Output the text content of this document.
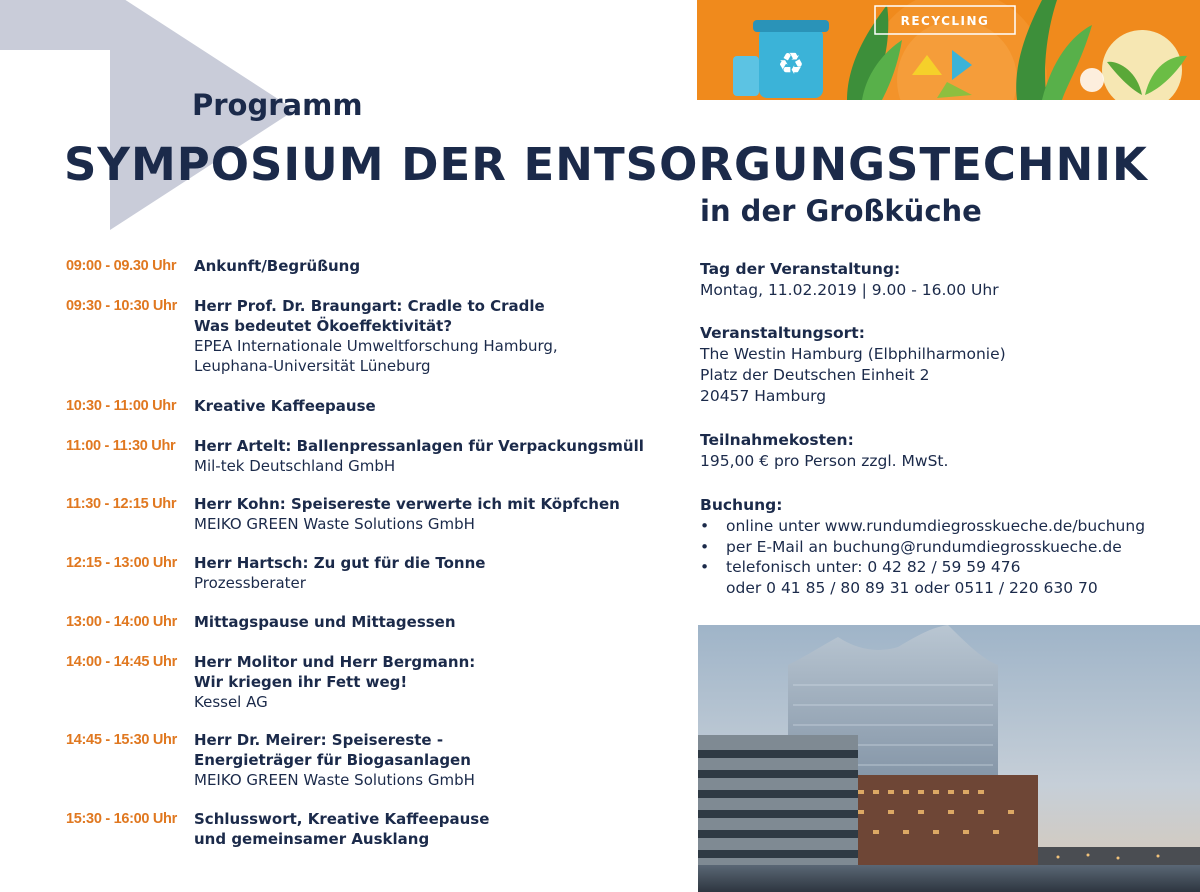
Programm
SYMPOSIUM DER ENTSORGUNGSTECHNIK
in der Großküche
♻
RECYCLING
09:00 - 09.30 Uhr Ankunft/Begrüßung
09:30 - 10:30 Uhr Herr Prof. Dr. Braungart: Cradle to Cradle
Was bedeutet Ökoeffektivität?
EPEA Internationale Umweltforschung Hamburg,
Leuphana-Universität Lüneburg
10:30 - 11:00 Uhr Kreative Kaffeepause
11:00 - 11:30 Uhr Herr Artelt: Ballenpressanlagen für Verpackungsmüll
Mil-tek Deutschland GmbH
11:30 - 12:15 Uhr Herr Kohn: Speisereste verwerte ich mit Köpfchen
MEIKO GREEN Waste Solutions GmbH
12:15 - 13:00 Uhr Herr Hartsch: Zu gut für die Tonne
Prozessberater
13:00 - 14:00 Uhr Mittagspause und Mittagessen
14:00 - 14:45 Uhr Herr Molitor und Herr Bergmann:
Wir kriegen ihr Fett weg!
Kessel AG
14:45 - 15:30 Uhr Herr Dr. Meirer: Speisereste -
Energieträger für Biogasanlagen
MEIKO GREEN Waste Solutions GmbH
15:30 - 16:00 Uhr Schlusswort, Kreative Kaffeepause
und gemeinsamer Ausklang
Tag der Veranstaltung:
Montag, 11.02.2019 | 9.00 - 16.00 Uhr
Veranstaltungsort:
The Westin Hamburg (Elbphilharmonie)
Platz der Deutschen Einheit 2
20457 Hamburg
Teilnahmekosten:
195,00 € pro Person zzgl. MwSt.
Buchung:
• online unter www.rundumdiegrosskueche.de/buchung
• per E-Mail an buchung@rundumdiegrosskueche.de
• telefonisch unter: 0 42 82 / 59 59 476
oder 0 41 85 / 80 89 31 oder 0511 / 220 630 70
